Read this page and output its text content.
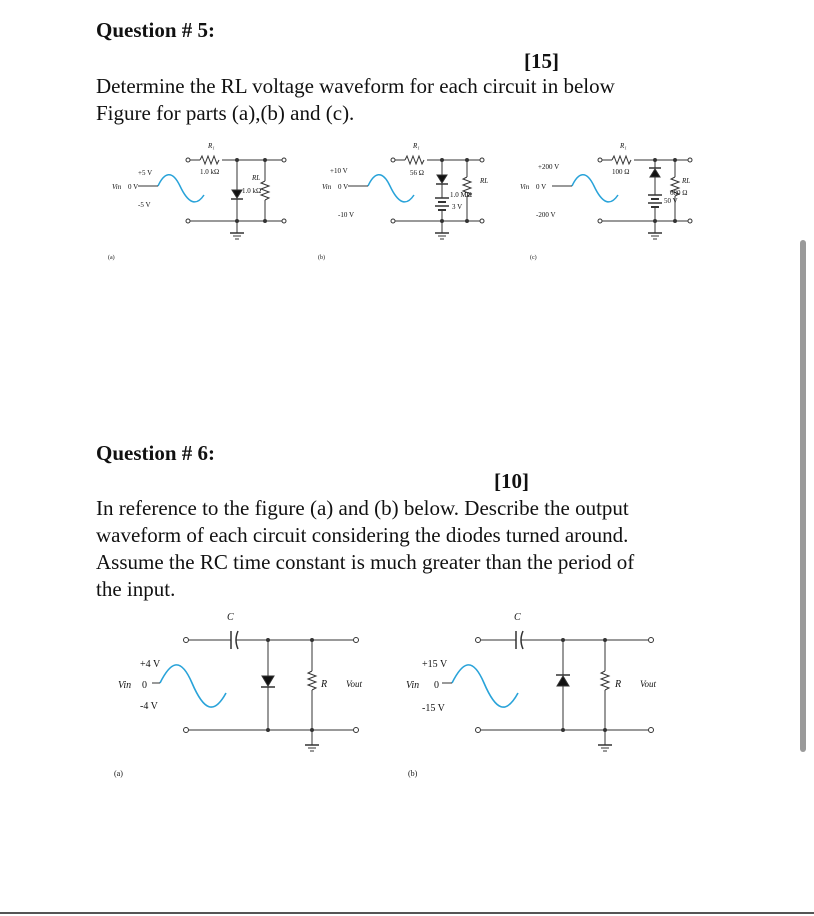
Question # 5:
[15]
Determine the RL voltage waveform for each circuit in below
Figure for parts (a),(b) and (c).
+5 V
Vin 0 V
-5 V
R₁
1.0 kΩ
RL
1.0 kΩ
(a)
+10 V
Vin 0 V
-10 V
R₁
56 Ω
RL
1.0 MΩ
3 V
(b)
+200 V
Vin 0 V
-200 V
R₁
100 Ω
RL
680 Ω
50 V
(c)
Question # 6:
[10]
In reference to the figure (a) and (b) below. Describe the output
waveform of each circuit considering the diodes turned around.
Assume the RC time constant is much greater than the period of
the input.
+4 V
Vin 0
-4 V
C
R Vout
(a)
+15 V
Vin 0
-15 V
C
R Vout
(b)
